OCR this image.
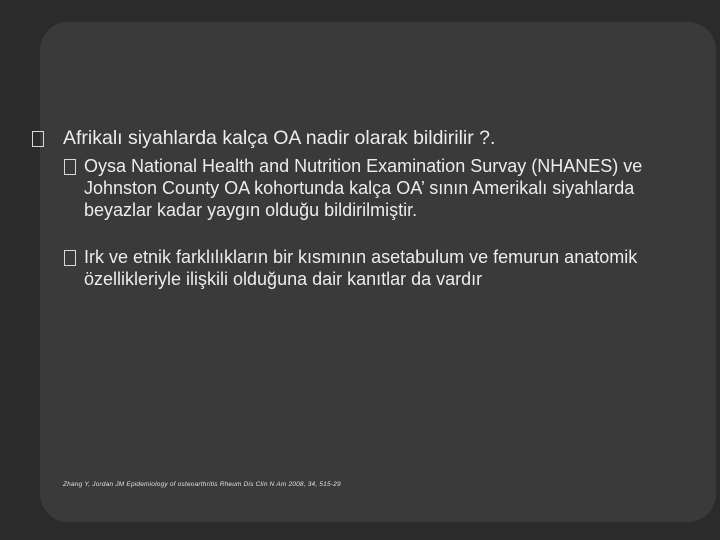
Afrikalı siyahlarda kalça OA nadir olarak bildirilir ?.
Oysa National Health and Nutrition Examination Survay (NHANES) ve Johnston County OA kohortunda kalça OA’ sının Amerikalı siyahlarda beyazlar kadar yaygın olduğu bildirilmiştir.
Irk ve etnik farklılıkların bir kısmının asetabulum ve femurun anatomik özellikleriyle ilişkili olduğuna dair kanıtlar da vardır
Zhang Y, Jordan JM Epidemiology of osteoarthritis Rheum Dis Clin N Am 2008, 34, 515-29
